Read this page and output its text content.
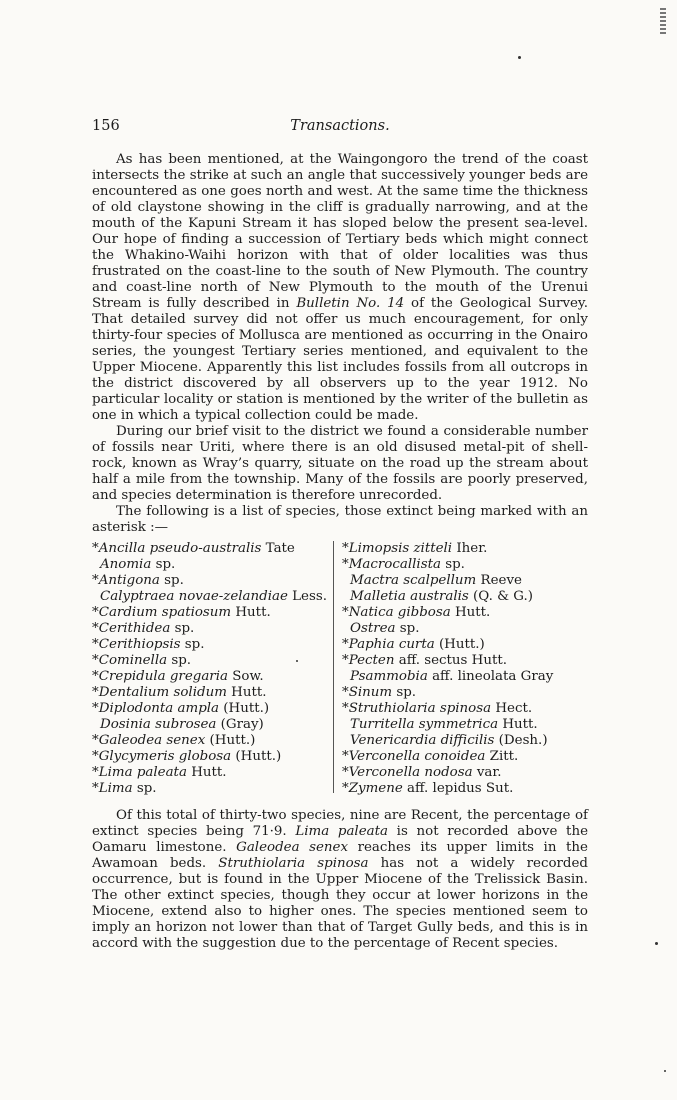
156	Transactions.

As has been mentioned, at the Waingongoro the trend of the coast intersects the strike at such an angle that successively younger beds are encountered as one goes north and west. At the same time the thickness of old claystone showing in the cliff is gradually narrowing, and at the mouth of the Kapuni Stream it has sloped below the present sea-level. Our hope of finding a succession of Tertiary beds which might connect the Whakino-Waihi horizon with that of older localities was thus frustrated on the coast-line to the south of New Plymouth. The country and coast-line north of New Plymouth to the mouth of the Urenui Stream is fully described in Bulletin No. 14 of the Geological Survey. That detailed survey did not offer us much encouragement, for only thirty-four species of Mollusca are mentioned as occurring in the Onairo series, the youngest Tertiary series mentioned, and equivalent to the Upper Miocene. Apparently this list includes fossils from all outcrops in the district discovered by all observers up to the year 1912. No particular locality or station is mentioned by the writer of the bulletin as one in which a typical collection could be made.

During our brief visit to the district we found a considerable number of fossils near Uriti, where there is an old disused metal-pit of shell-rock, known as Wray’s quarry, situate on the road up the stream about half a mile from the township. Many of the fossils are poorly preserved, and species determination is therefore unrecorded.

The following is a list of species, those extinct being marked with an asterisk :—

*Ancilla pseudo-australis Tate
Anomia sp.
*Antigona sp.
Calyptraea novae-zelandiae Less.
*Cardium spatiosum Hutt.
*Cerithidea sp.
*Cerithiopsis sp.
*Cominella sp.
*Crepidula gregaria Sow.
*Dentalium solidum Hutt.
*Diplodonta ampla (Hutt.)
Dosinia subrosea (Gray)
*Galeodea senex (Hutt.)
*Glycymeris globosa (Hutt.)
*Lima paleata Hutt.
*Lima sp.
*Limopsis zitteli Iher.
*Macrocallista sp.
Mactra scalpellum Reeve
Malletia australis (Q. & G.)
*Natica gibbosa Hutt.
Ostrea sp.
*Paphia curta (Hutt.)
*Pecten aff. sectus Hutt.
Psammobia aff. lineolata Gray
*Sinum sp.
*Struthiolaria spinosa Hect.
Turritella symmetrica Hutt.
Venericardia difficilis (Desh.)
*Verconella conoidea Zitt.
*Verconella nodosa var.
*Zymene aff. lepidus Sut.

Of this total of thirty-two species, nine are Recent, the percentage of extinct species being 71·9. Lima paleata is not recorded above the Oamaru limestone. Galeodea senex reaches its upper limits in the Awamoan beds. Struthiolaria spinosa has not a widely recorded occurrence, but is found in the Upper Miocene of the Trelissick Basin. The other extinct species, though they occur at lower horizons in the Miocene, extend also to higher ones. The species mentioned seem to imply an horizon not lower than that of Target Gully beds, and this is in accord with the suggestion due to the percentage of Recent species.
